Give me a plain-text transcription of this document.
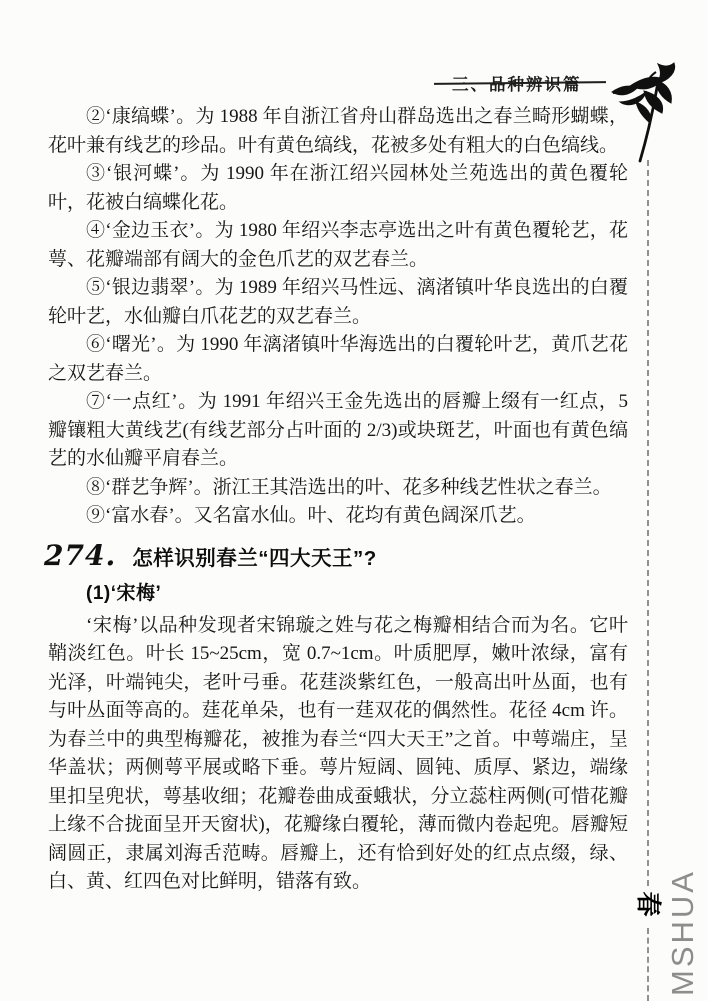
三、品种辨识篇

②‘康缟蝶’。为 1988 年自浙江省舟山群岛选出之春兰畸形蝴蝶，花叶兼有线艺的珍品。叶有黄色缟线，花被多处有粗大的白色缟线。

③‘银河蝶’。为 1990 年在浙江绍兴园林处兰苑选出的黄色覆轮叶，花被白缟蝶化花。

④‘金边玉衣’。为 1980 年绍兴李志亭选出之叶有黄色覆轮艺，花萼、花瓣端部有阔大的金色爪艺的双艺春兰。

⑤‘银边翡翠’。为 1989 年绍兴马性远、漓渚镇叶华良选出的白覆轮叶艺，水仙瓣白爪花艺的双艺春兰。

⑥‘曙光’。为 1990 年漓渚镇叶华海选出的白覆轮叶艺，黄爪艺花之双艺春兰。

⑦‘一点红’。为 1991 年绍兴王金先选出的唇瓣上缀有一红点，5 瓣镶粗大黄线艺(有线艺部分占叶面的 2/3)或块斑艺，叶面也有黄色缟艺的水仙瓣平肩春兰。

⑧‘群艺争辉’。浙江王其浩选出的叶、花多种线艺性状之春兰。

⑨‘富水春’。又名富水仙。叶、花均有黄色阔深爪艺。

274. 怎样识别春兰“四大天王”?

(1)‘宋梅’

‘宋梅’以品种发现者宋锦璇之姓与花之梅瓣相结合而为名。它叶鞘淡红色。叶长 15~25cm，宽 0.7~1cm。叶质肥厚，嫩叶浓绿，富有光泽，叶端钝尖，老叶弓垂。花莛淡紫红色，一般高出叶丛面，也有与叶丛面等高的。莛花单朵，也有一莛双花的偶然性。花径 4cm 许。为春兰中的典型梅瓣花，被推为春兰“四大天王”之首。中萼端庄，呈华盖状；两侧萼平展或略下垂。萼片短阔、圆钝、质厚、紧边，端缘里扣呈兜状，萼基收细；花瓣卷曲成蚕蛾状，分立蕊柱两侧(可惜花瓣上缘不合拢面呈开天窗状)，花瓣缘白覆轮，薄而微内卷起兜。唇瓣短阔圆正，隶属刘海舌范畴。唇瓣上，还有恰到好处的红点点缀，绿、白、黄、红四色对比鲜明，错落有致。

春 MSHUA
